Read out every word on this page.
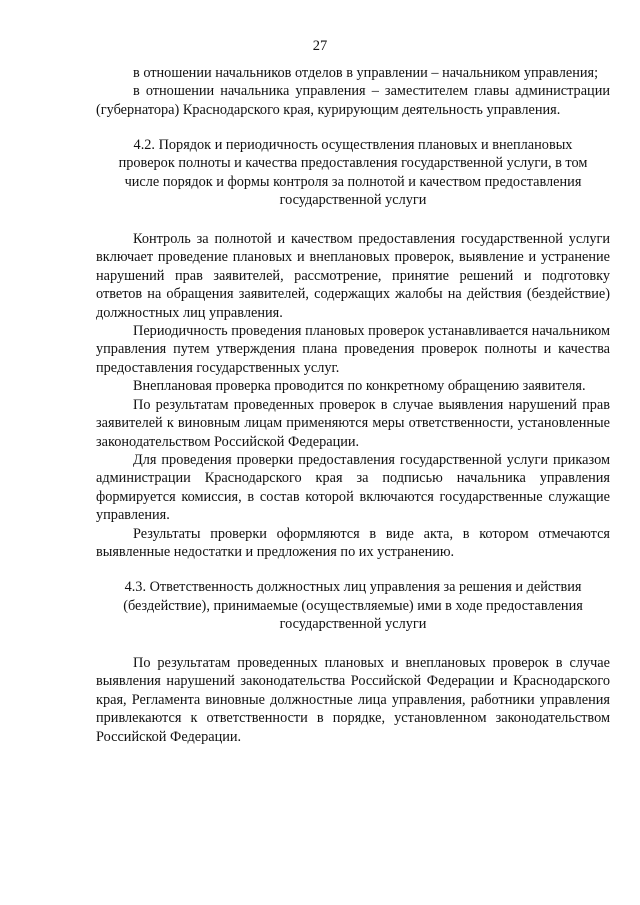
27

в отношении начальников отделов в управлении – начальником управления;

в отношении начальника управления – заместителем главы администрации (губернатора) Краснодарского края, курирующим деятельность управления.

4.2. Порядок и периодичность осуществления плановых и внеплановых проверок полноты и качества предоставления государственной услуги, в том числе порядок и формы контроля за полнотой и качеством предоставления государственной услуги

Контроль за полнотой и качеством предоставления государственной услуги включает проведение плановых и внеплановых проверок, выявление и устранение нарушений прав заявителей, рассмотрение, принятие решений и подготовку ответов на обращения заявителей, содержащих жалобы на действия (бездействие) должностных лиц управления.

Периодичность проведения плановых проверок устанавливается начальником управления путем утверждения плана проведения проверок полноты и качества предоставления государственных услуг.

Внеплановая проверка проводится по конкретному обращению заявителя.

По результатам проведенных проверок в случае выявления нарушений прав заявителей к виновным лицам применяются меры ответственности, установленные законодательством Российской Федерации.

Для проведения проверки предоставления государственной услуги приказом администрации Краснодарского края за подписью начальника управления формируется комиссия, в состав которой включаются государственные служащие управления.

Результаты проверки оформляются в виде акта, в котором отмечаются выявленные недостатки и предложения по их устранению.

4.3. Ответственность должностных лиц управления за решения и действия (бездействие), принимаемые (осуществляемые) ими в ходе предоставления государственной услуги

По результатам проведенных плановых и внеплановых проверок в случае выявления нарушений законодательства Российской Федерации и Краснодарского края, Регламента виновные должностные лица управления, работники управления привлекаются к ответственности в порядке, установленном законодательством Российской Федерации.
